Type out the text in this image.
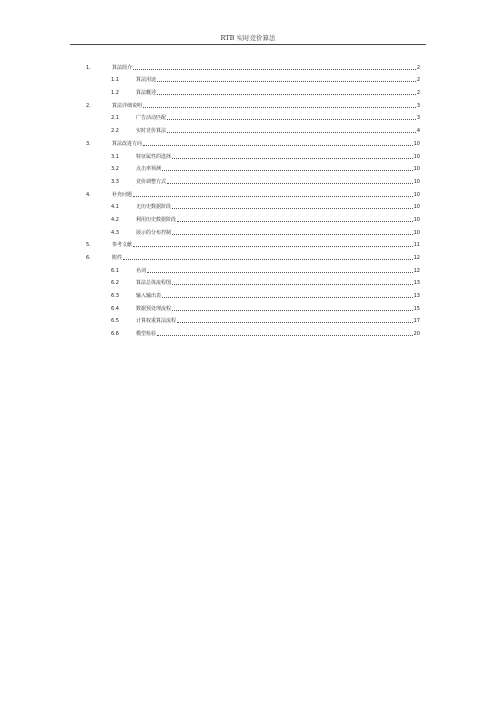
RTB 实时竞价算法
1.	算法简介	2
1.1	算法用途	2
1.2	算法概述	2
2.	算法详细说明	3
2.1	广告活动匹配	3
2.2	实时竞价算法	4
3.	算法改进方向	10
3.1	特征属性的选择	10
3.2	点击率预测	10
3.3	竞价调整方式	10
4.	补充问题	10
4.1	无历史数据阶段	10
4.2	利用历史数据阶段	10
4.3	展示的分布控制	10
5.	参考文献	11
6.	附件	12
6.1	名词	12
6.2	算法总体流程图	13
6.3	输入输出表	13
6.4	数据预处理流程	15
6.5	计算权重算法流程	17
6.6	模型检验	20
